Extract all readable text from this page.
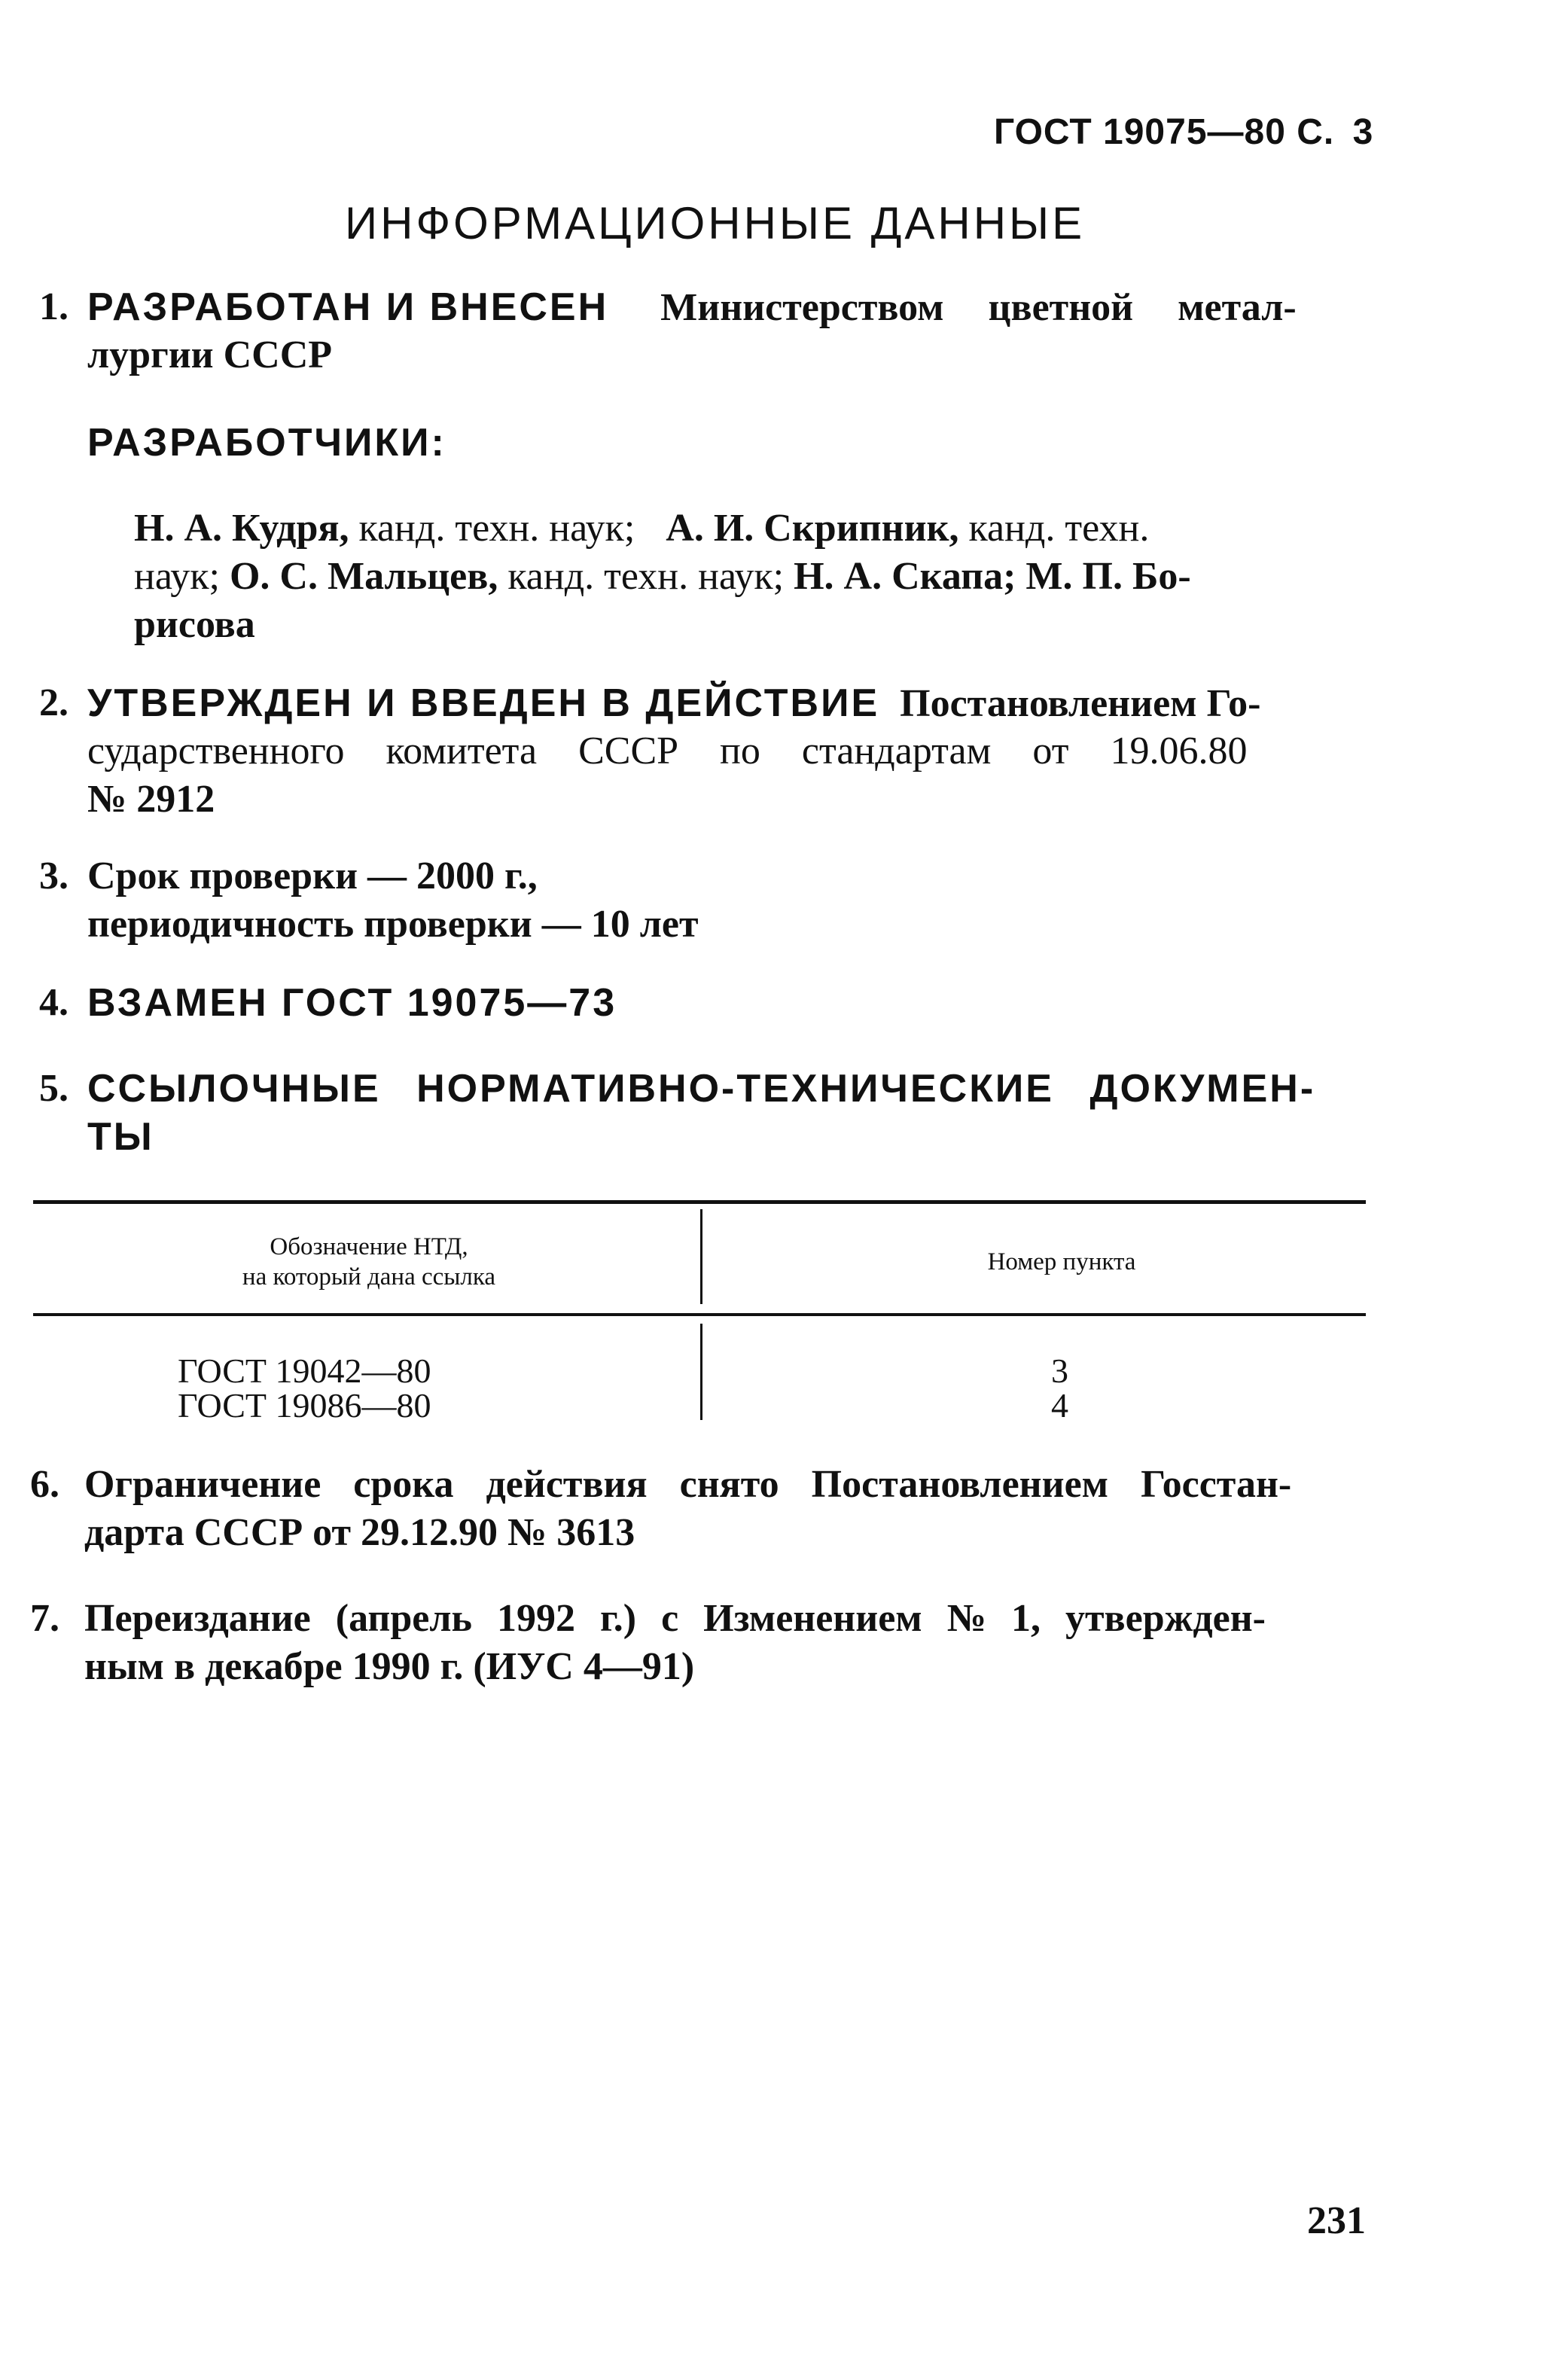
ГОСТ 19075—80 С. 3
ИНФОРМАЦИОННЫЕ ДАННЫЕ
1. РАЗРАБОТАН И ВНЕСЕН Министерством цветной метал-
лургии СССР
РАЗРАБОТЧИКИ:
Н. А. Кудря, канд. техн. наук; А. И. Скрипник, канд. техн.
наук; О. С. Мальцев, канд. техн. наук; Н. А. Скапа; М. П. Бо-
рисова
2. УТВЕРЖДЕН И ВВЕДЕН В ДЕЙСТВИЕ Постановлением Го-
сударственного комитета СССР по стандартам от 19.06.80
№ 2912
3. Срок проверки — 2000 г.,
периодичность проверки — 10 лет
4. ВЗАМЕН ГОСТ 19075—73
5. ССЫЛОЧНЫЕ НОРМАТИВНО-ТЕХНИЧЕСКИЕ ДОКУМЕН-
ТЫ
Обозначение НТД,
на который дана ссылка
Номер пункта
ГОСТ 19042—80	3
ГОСТ 19086—80	4
6. Ограничение срока действия снято Постановлением Госстан-
дарта СССР от 29.12.90 № 3613
7. Переиздание (апрель 1992 г.) с Изменением № 1, утвержден-
ным в декабре 1990 г. (ИУС 4—91)
231
